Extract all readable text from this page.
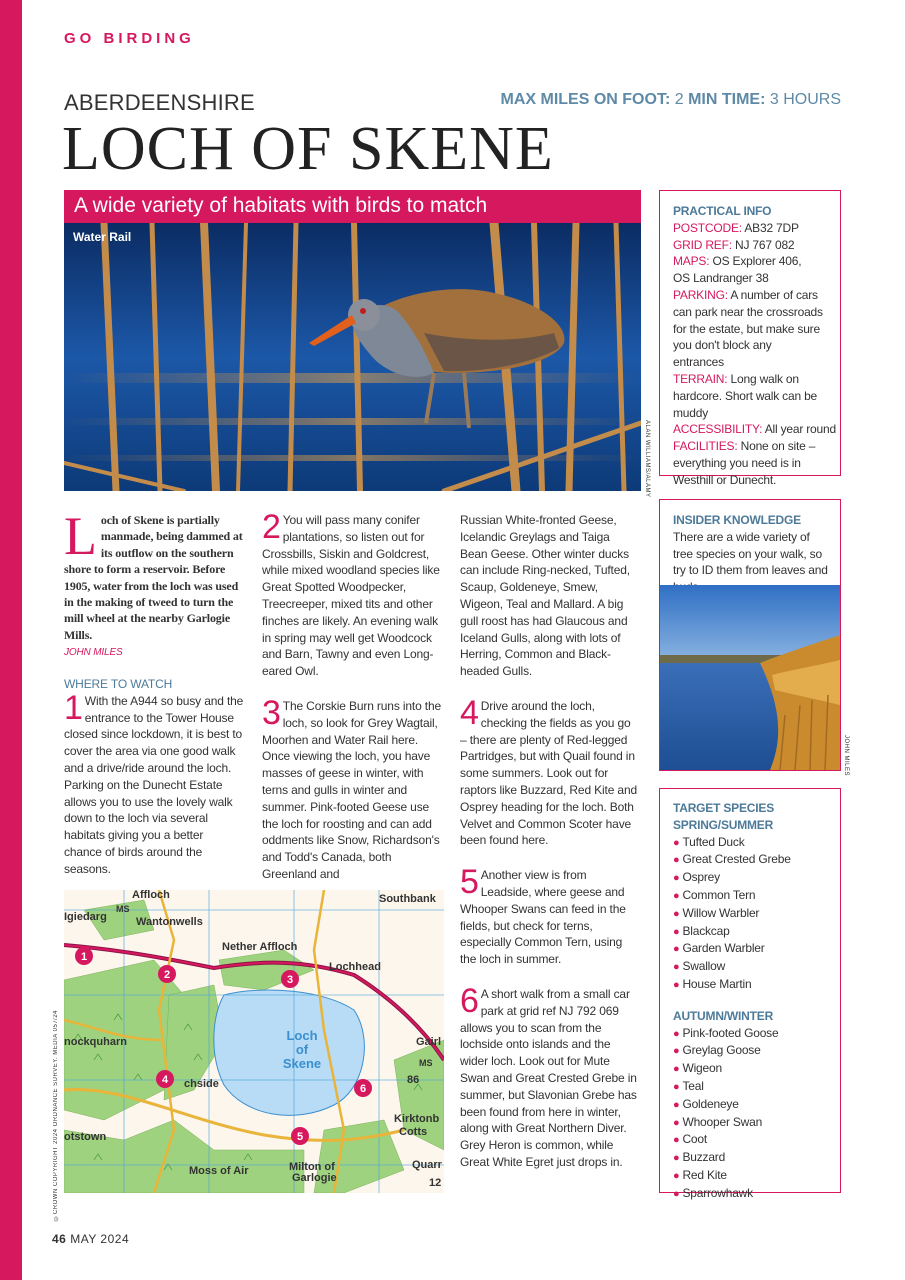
GO BIRDING
ABERDEENSHIRE	MAX MILES ON FOOT: 2 MIN TIME: 3 HOURS
LOCH OF SKENE
A wide variety of habitats with birds to match
Water Rail
ALAN WILLIAMS/ALAMY
PRACTICAL INFO
POSTCODE: AB32 7DP
GRID REF: NJ 767 082
MAPS: OS Explorer 406, OS Landranger 38
PARKING: A number of cars can park near the crossroads for the estate, but make sure you don't block any entrances
TERRAIN: Long walk on hardcore. Short walk can be muddy
ACCESSIBILITY: All year round
FACILITIES: None on site – everything you need is in Westhill or Dunecht.
INSIDER KNOWLEDGE
There are a wide variety of tree species on your walk, so try to ID them from leaves and
JOHN MILES
TARGET SPECIES
SPRING/SUMMER
● Tufted Duck
● Great Crested Grebe
● Osprey
● Common Tern
● Willow Warbler
● Blackcap
● Garden Warbler
● Swallow
● House Martin
AUTUMN/WINTER
● Pink-footed Goose
● Greylag Goose
● Wigeon
● Teal
● Goldeneye
● Whooper Swan
● Coot
● Buzzard
● Red Kite
● Sparrowhawk
Loch of Skene is partially manmade, being dammed at its outflow on the southern shore to form a reservoir. Before 1905, water from the loch was used in the making of tweed to turn the mill wheel at the nearby Garlogie Mills.
JOHN MILES
WHERE TO WATCH
1 With the A944 so busy and the entrance to the Tower House closed since lockdown, it is best to cover the area via one good walk and a drive/ride around the loch. Parking on the Dunecht Estate allows you to use the lovely walk down to the loch via several habitats giving you a better chance of birds around the seasons.
2 You will pass many conifer plantations, so listen out for Crossbills, Siskin and Goldcrest, while mixed woodland species like Great Spotted Woodpecker, Treecreeper, mixed tits and other finches are likely. An evening walk in spring may well get Woodcock and Barn, Tawny and even Long-eared Owl.
3 The Corskie Burn runs into the loch, so look for Grey Wagtail, Moorhen and Water Rail here. Once viewing the loch, you have masses of geese in winter, with terns and gulls in winter and summer. Pink-footed Geese use the loch for roosting and can add oddments like Snow, Richardson's and Todd's Canada, both Greenland and
Russian White-fronted Geese, Icelandic Greylags and Taiga Bean Geese. Other winter ducks can include Ring-necked, Tufted, Scaup, Goldeneye, Smew, Wigeon, Teal and Mallard. A big gull roost has had Glaucous and Iceland Gulls, along with lots of Herring, Common and Black-headed Gulls.
4 Drive around the loch, checking the fields as you go – there are plenty of Red-legged Partridges, but with Quail found in some summers. Look out for raptors like Buzzard, Red Kite and Osprey heading for the loch. Both Velvet and Common Scoter have been found here.
5 Another view is from Leadside, where geese and Whooper Swans can feed in the fields, but check for terns, especially Common Tern, using the loch in summer.
6 A short walk from a small car park at grid ref NJ 792 069 allows you to scan from the lochside onto islands and the wider loch. Look out for Mute Swan and Great Crested Grebe in summer, but Slavonian Grebe has been found from here in winter, along with Great Northern Diver. Grey Heron is common, while Great White Egret just drops in.
Affloch
Wantonwells
Igiedarg
Nether Affloch
Southbank
Lochhead
nockquharn
chside
Gairl
MS
MS
86
Kirktonb
Cotts
otstown
Moss of Air	Milton of
Garlogie
Quarr
12
Loch
of
Skene
1
2	3
4
5
6
©CROWN COPYRIGHT 2024 ORDNANCE SURVEY. MEDIA 057/24
46 MAY 2024
